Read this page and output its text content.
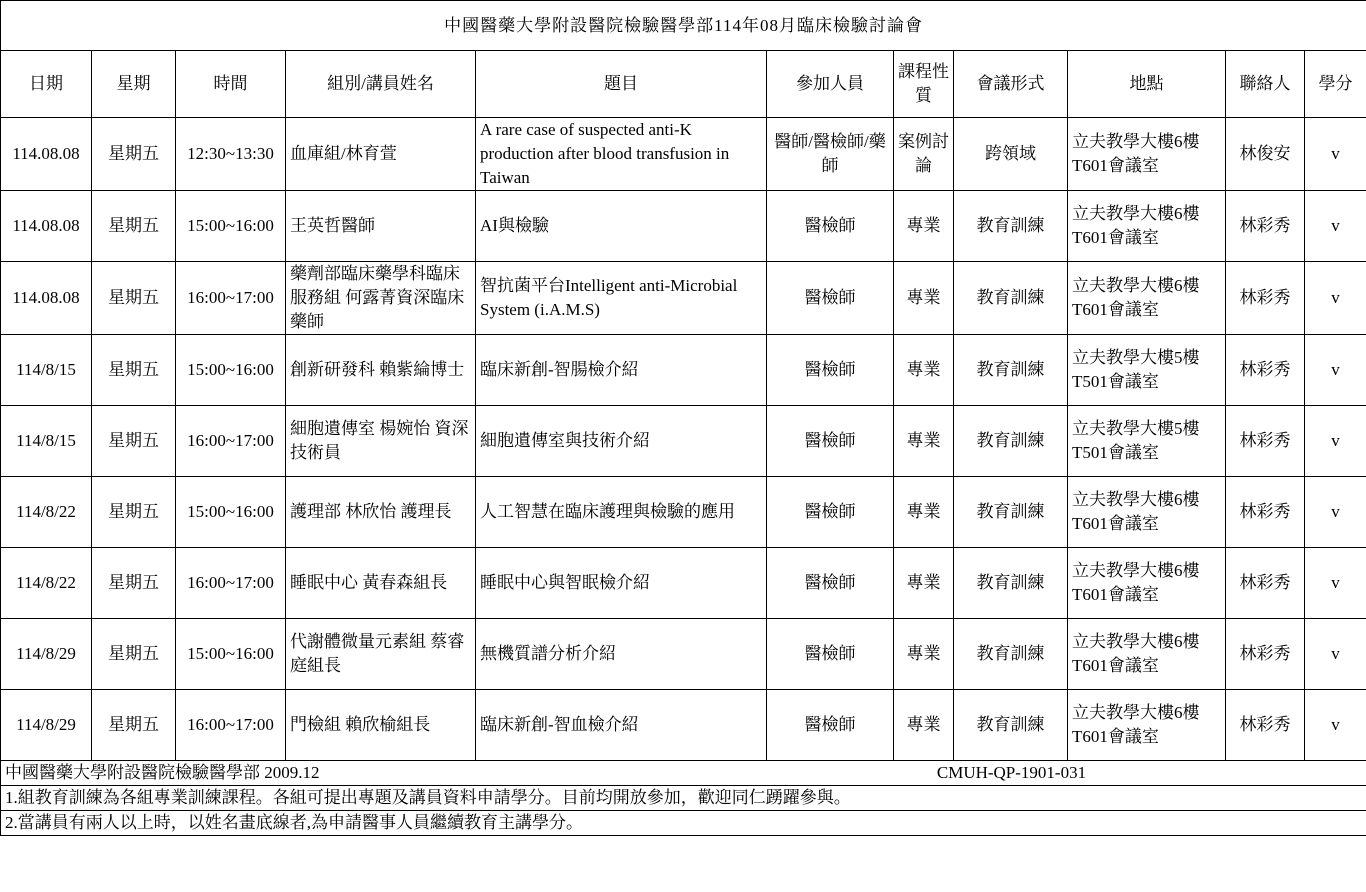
中國醫藥大學附設醫院檢驗醫學部114年08月臨床檢驗討論會										
日期	星期	時間	組別/講員姓名	題目	參加人員	課程性質	會議形式	地點	聯絡人	學分
114.08.08	星期五	12:30~13:30	血庫組/林育萱	A rare case of suspected anti-K production after blood transfusion in Taiwan	醫師/醫檢師/藥師	案例討論	跨領域	立夫教學大樓6樓T601會議室	林俊安	v
114.08.08	星期五	15:00~16:00	王英哲醫師	AI與檢驗	醫檢師	專業	教育訓練	立夫教學大樓6樓T601會議室	林彩秀	v
114.08.08	星期五	16:00~17:00	藥劑部臨床藥學科臨床服務組 何露菁資深臨床藥師	智抗菌平台Intelligent anti-Microbial System (i.A.M.S)	醫檢師	專業	教育訓練	立夫教學大樓6樓T601會議室	林彩秀	v
114/8/15	星期五	15:00~16:00	創新研發科 賴紫綸博士	臨床新創-智腸檢介紹	醫檢師	專業	教育訓練	立夫教學大樓5樓T501會議室	林彩秀	v
114/8/15	星期五	16:00~17:00	細胞遺傳室 楊婉怡 資深技術員	細胞遺傳室與技術介紹	醫檢師	專業	教育訓練	立夫教學大樓5樓T501會議室	林彩秀	v
114/8/22	星期五	15:00~16:00	護理部 林欣怡 護理長	人工智慧在臨床護理與檢驗的應用	醫檢師	專業	教育訓練	立夫教學大樓6樓T601會議室	林彩秀	v
114/8/22	星期五	16:00~17:00	睡眠中心 黃春森組長	睡眠中心與智眠檢介紹	醫檢師	專業	教育訓練	立夫教學大樓6樓T601會議室	林彩秀	v
114/8/29	星期五	15:00~16:00	代謝體微量元素組 蔡睿庭組長	無機質譜分析介紹	醫檢師	專業	教育訓練	立夫教學大樓6樓T601會議室	林彩秀	v
114/8/29	星期五	16:00~17:00	門檢組 賴欣榆組長	臨床新創-智血檢介紹	醫檢師	專業	教育訓練	立夫教學大樓6樓T601會議室	林彩秀	v

中國醫藥大學附設醫院檢驗醫學部 2009.12 CMUH-QP-1901-031										

1.組教育訓練為各組專業訓練課程。各組可提出專題及講員資料申請學分。目前均開放參加，歡迎同仁踴躍參與。										
2.當講員有兩人以上時，以姓名畫底線者,為申請醫事人員繼續教育主講學分。										
